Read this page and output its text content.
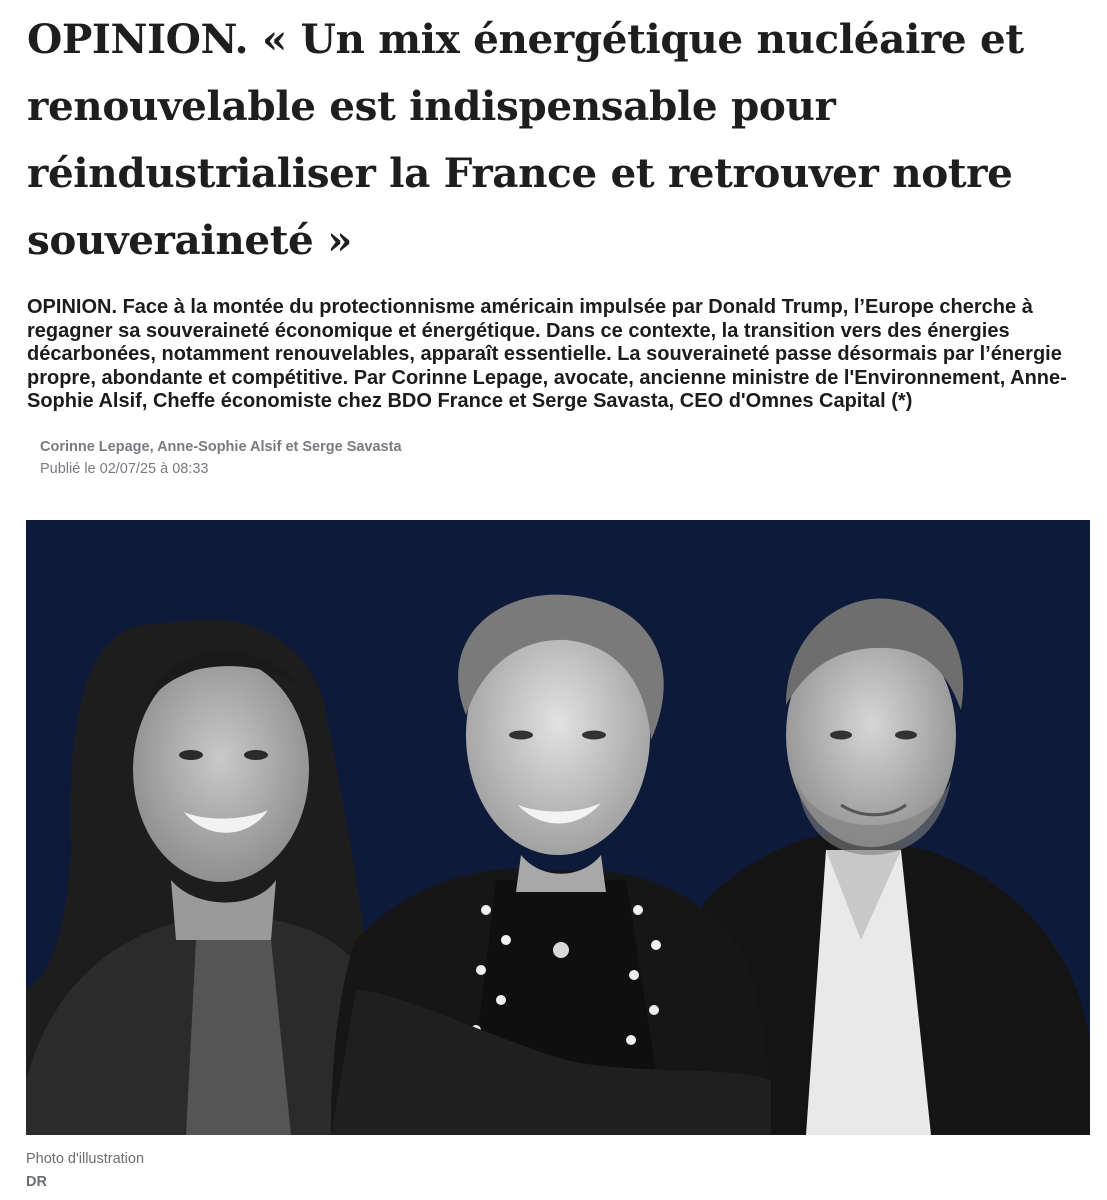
OPINION. « Un mix énergétique nucléaire et renouvelable est indispensable pour réindustrialiser la France et retrouver notre souveraineté »

OPINION. Face à la montée du protectionnisme américain impulsée par Donald Trump, l’Europe cherche à regagner sa souveraineté économique et énergétique. Dans ce contexte, la transition vers des énergies décarbonées, notamment renouvelables, apparaît essentielle. La souveraineté passe désormais par l’énergie propre, abondante et compétitive. Par Corinne Lepage, avocate, ancienne ministre de l'Environnement, Anne-Sophie Alsif, Cheffe économiste chez BDO France et Serge Savasta, CEO d'Omnes Capital (*)

Corinne Lepage, Anne-Sophie Alsif et Serge Savasta
Publié le 02/07/25 à 08:33
Photo d'illustration
DR
